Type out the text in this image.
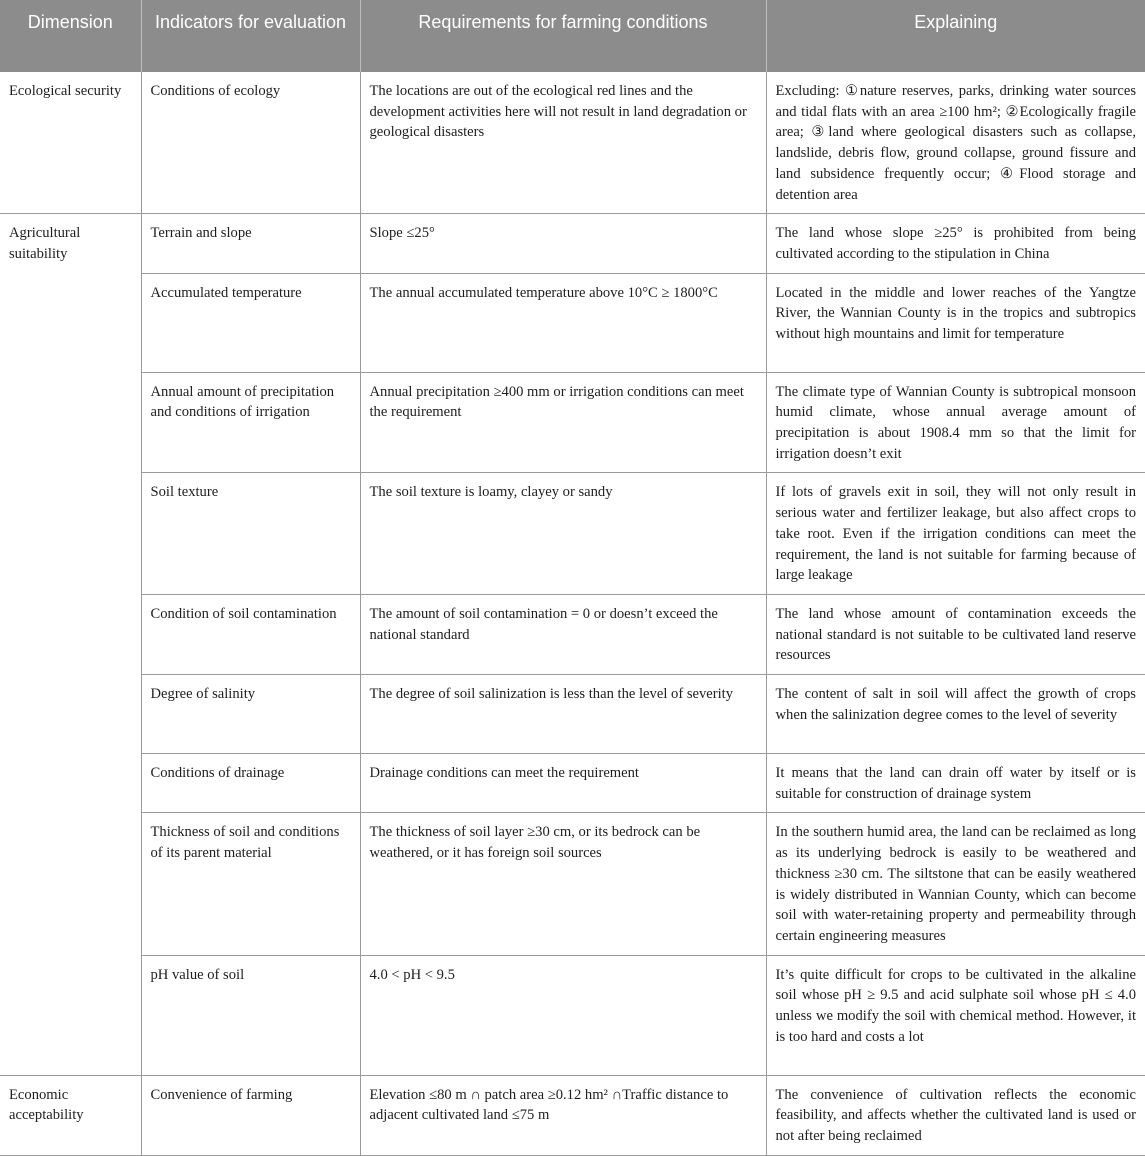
Dimension	Indicators for evaluation	Requirements for farming conditions	Explaining

Ecological security	Conditions of ecology	The locations are out of the ecological red lines and the development activities here will not result in land degradation or geological disasters	Excluding: ①nature reserves, parks, drinking water sources and tidal flats with an area ≥100 hm²; ②Ecologically fragile area; ③land where geological disasters such as collapse, landslide, debris flow, ground collapse, ground fissure and land subsidence frequently occur; ④Flood storage and detention area
Agricultural suitability	Terrain and slope	Slope ≤25°	The land whose slope ≥25° is prohibited from being cultivated according to the stipulation in China
	Accumulated temperature	The annual accumulated temperature above 10°C ≥ 1800°C	Located in the middle and lower reaches of the Yangtze River, the Wannian County is in the tropics and subtropics without high mountains and limit for temperature
	Annual amount of precipitation and conditions of irrigation	Annual precipitation ≥400 mm or irrigation conditions can meet the requirement	The climate type of Wannian County is subtropical monsoon humid climate, whose annual average amount of precipitation is about 1908.4 mm so that the limit for irrigation doesn’t exit
	Soil texture	The soil texture is loamy, clayey or sandy	If lots of gravels exit in soil, they will not only result in serious water and fertilizer leakage, but also affect crops to take root. Even if the irrigation conditions can meet the requirement, the land is not suitable for farming because of large leakage
	Condition of soil contamination	The amount of soil contamination = 0 or doesn’t exceed the national standard	The land whose amount of contamination exceeds the national standard is not suitable to be cultivated land reserve resources
	Degree of salinity	The degree of soil salinization is less than the level of severity	The content of salt in soil will affect the growth of crops when the salinization degree comes to the level of severity
	Conditions of drainage	Drainage conditions can meet the requirement	It means that the land can drain off water by itself or is suitable for construction of drainage system
	Thickness of soil and conditions of its parent material	The thickness of soil layer ≥30 cm, or its bedrock can be weathered, or it has foreign soil sources	In the southern humid area, the land can be reclaimed as long as its underlying bedrock is easily to be weathered and thickness ≥30 cm. The siltstone that can be easily weathered is widely distributed in Wannian County, which can become soil with water-retaining property and permeability through certain engineering measures
	pH value of soil	4.0 < pH < 9.5	It’s quite difficult for crops to be cultivated in the alkaline soil whose pH ≥ 9.5 and acid sulphate soil whose pH ≤ 4.0 unless we modify the soil with chemical method. However, it is too hard and costs a lot
Economic acceptability	Convenience of farming	Elevation ≤80 m ∩ patch area ≥0.12 hm² ∩Traffic distance to adjacent cultivated land ≤75 m	The convenience of cultivation reflects the economic feasibility, and affects whether the cultivated land is used or not after being reclaimed
